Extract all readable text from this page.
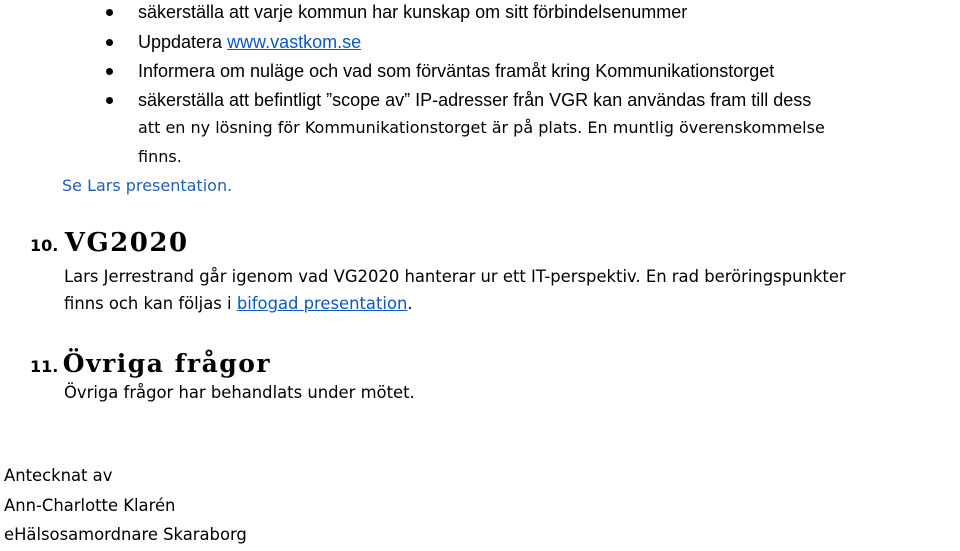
säkerställa att varje kommun har kunskap om sitt förbindelsenummer
Uppdatera www.vastkom.se
Informera om nuläge och vad som förväntas framåt kring Kommunikationstorget
säkerställa att befintligt ”scope av” IP-adresser från VGR kan användas fram till dess
att en ny lösning för Kommunikationstorget är på plats. En muntlig överenskommelse
finns.
Se Lars presentation.
10. VG2020
Lars Jerrestrand går igenom vad VG2020 hanterar ur ett IT-perspektiv. En rad beröringspunkter
finns och kan följas i bifogad presentation.
11. Övriga frågor
Övriga frågor har behandlats under mötet.
Antecknat av
Ann-Charlotte Klarén
eHälsosamordnare Skaraborg
